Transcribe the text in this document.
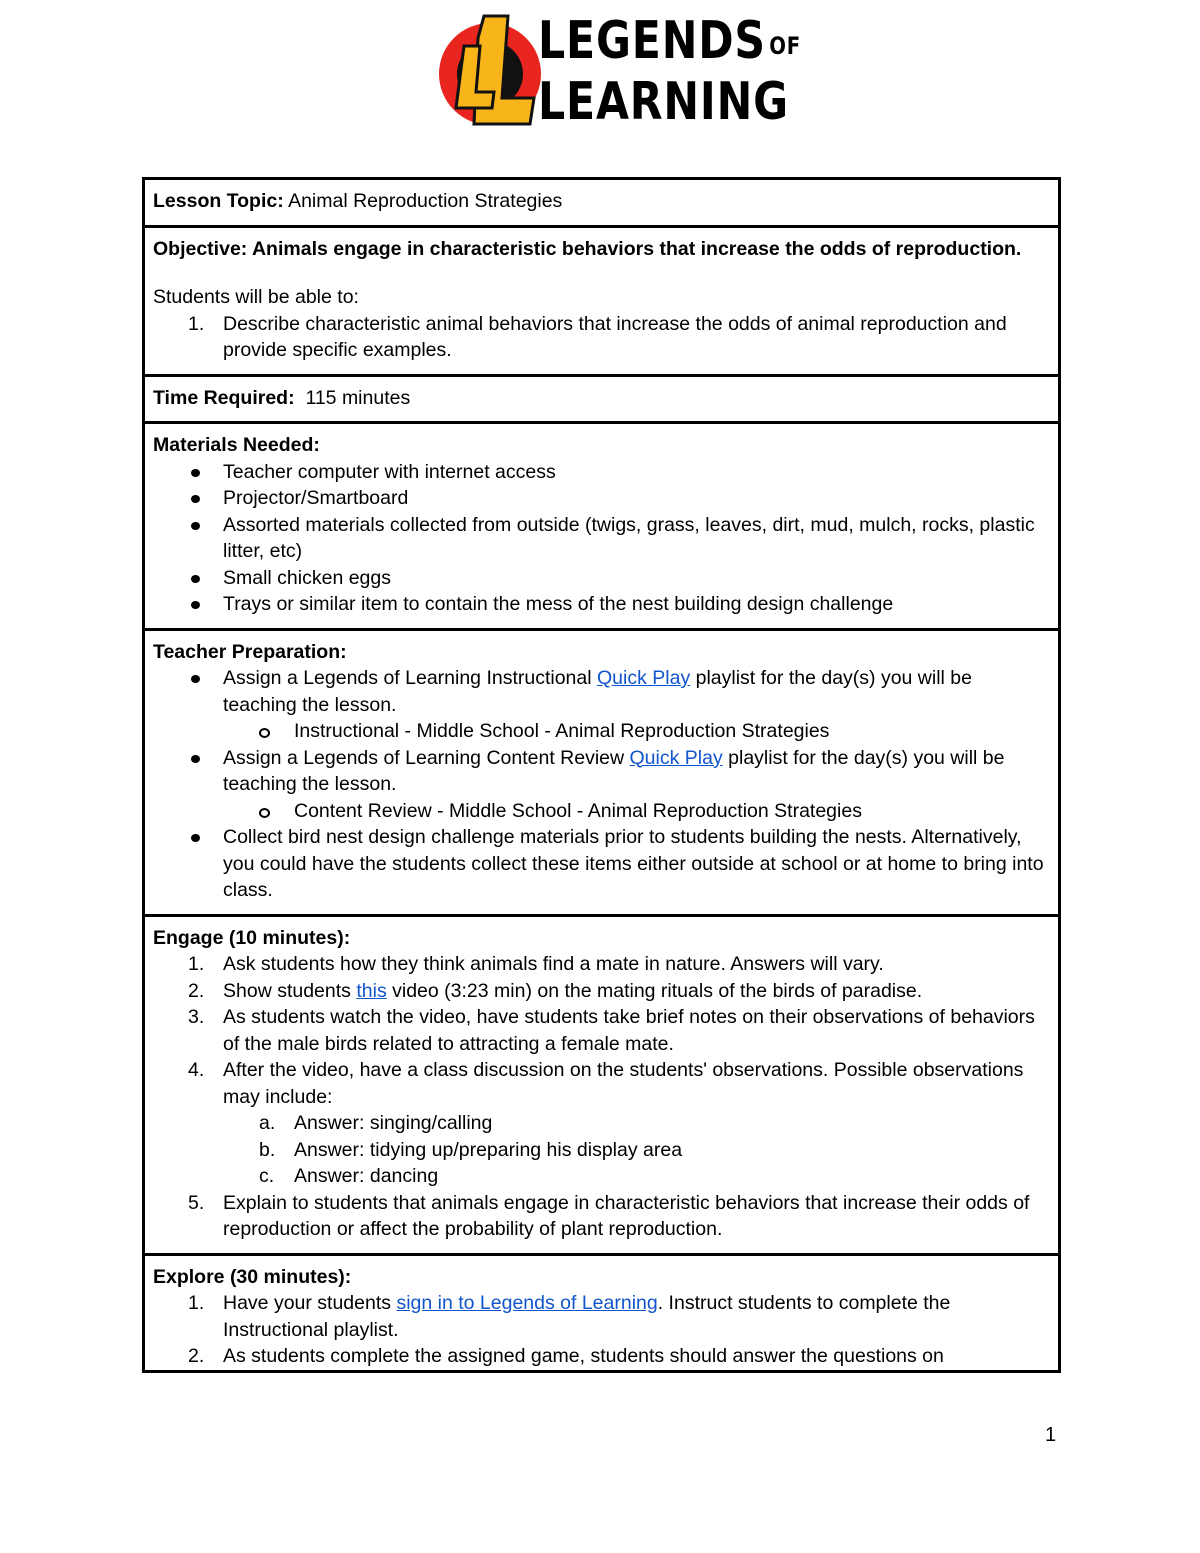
LEGENDS OF
LEARNING
Lesson Topic: Animal Reproduction Strategies

Objective: Animals engage in characteristic behaviors that increase the odds of reproduction.

Students will be able to:

1. Describe characteristic animal behaviors that increase the odds of animal reproduction and provide specific examples.

Time Required: 115 minutes

Materials Needed:

Teacher computer with internet access
Projector/Smartboard
Assorted materials collected from outside (twigs, grass, leaves, dirt, mud, mulch, rocks, plastic litter, etc)
Small chicken eggs
Trays or similar item to contain the mess of the nest building design challenge

Teacher Preparation:

Assign a Legends of Learning Instructional Quick Play playlist for the day(s) you will be teaching the lesson.
Instructional - Middle School - Animal Reproduction Strategies
Assign a Legends of Learning Content Review Quick Play playlist for the day(s) you will be teaching the lesson.
Content Review - Middle School - Animal Reproduction Strategies
Collect bird nest design challenge materials prior to students building the nests. Alternatively, you could have the students collect these items either outside at school or at home to bring into class.

Engage (10 minutes):

1. Ask students how they think animals find a mate in nature. Answers will vary.
2. Show students this video (3:23 min) on the mating rituals of the birds of paradise.
3. As students watch the video, have students take brief notes on their observations of behaviors of the male birds related to attracting a female mate.
4. After the video, have a class discussion on the students' observations. Possible observations may include:
a. Answer: singing/calling
b. Answer: tidying up/preparing his display area
c. Answer: dancing
5. Explain to students that animals engage in characteristic behaviors that increase their odds of reproduction or affect the probability of plant reproduction.

Explore (30 minutes):

1. Have your students sign in to Legends of Learning. Instruct students to complete the Instructional playlist.
2. As students complete the assigned game, students should answer the questions on
1
